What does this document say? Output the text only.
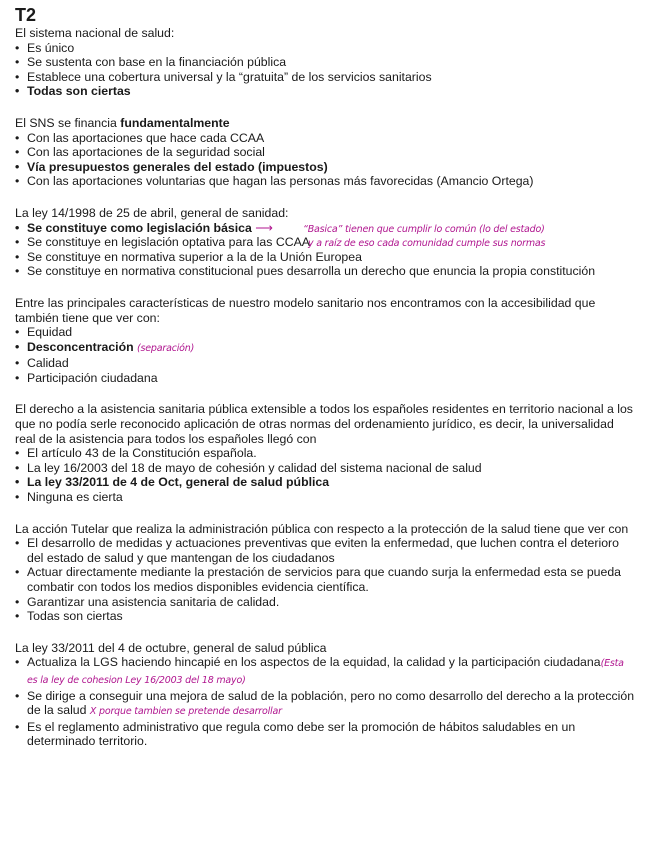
T2

El sistema nacional de salud:

• Es único
• Se sustenta con base en la financiación pública
• Establece una cobertura universal y la “gratuita” de los servicios sanitarios
• Todas son ciertas

El SNS se financia fundamentalmente

• Con las aportaciones que hace cada CCAA
• Con las aportaciones de la seguridad social
• Vía presupuestos generales del estado (impuestos)
• Con las aportaciones voluntarias que hagan las personas más favorecidas (Amancio Ortega)

La ley 14/1998 de 25 de abril, general de sanidad:

• Se constituye como legislación básica ⟶
• Se constituye en legislación optativa para las CCAA
• Se constituye en normativa superior a la de la Unión Europea
• Se constituye en normativa constitucional pues desarrolla un derecho que enuncia la propia constitución

Entre las principales características de nuestro modelo sanitario nos encontramos con la accesibilidad que también tiene que ver con:

• Equidad
• Desconcentración (separación)
• Calidad
• Participación ciudadana

El derecho a la asistencia sanitaria pública extensible a todos los españoles residentes en territorio nacional a los que no podía serle reconocido aplicación de otras normas del ordenamiento jurídico, es decir, la universalidad real de la asistencia para todos los españoles llegó con

• El artículo 43 de la Constitución española.
• La ley 16/2003 del 18 de mayo de cohesión y calidad del sistema nacional de salud
• La ley 33/2011 de 4 de Oct, general de salud pública
• Ninguna es cierta

La acción Tutelar que realiza la administración pública con respecto a la protección de la salud tiene que ver con

• El desarrollo de medidas y actuaciones preventivas que eviten la enfermedad, que luchen contra el deterioro del estado de salud y que mantengan de los ciudadanos
• Actuar directamente mediante la prestación de servicios para que cuando surja la enfermedad esta se pueda combatir con todos los medios disponibles evidencia científica.
• Garantizar una asistencia sanitaria de calidad.
• Todas son ciertas

La ley 33/2011 del 4 de octubre, general de salud pública

• Actualiza la LGS haciendo hincapié en los aspectos de la equidad, la calidad y la participación ciudadana(Esta es la ley de cohesion Ley 16/2003 del 18 mayo)
• Se dirige a conseguir una mejora de salud de la población, pero no como desarrollo del derecho a la protección de la salud X porque tambien se pretende desarrollar
• Es el reglamento administrativo que regula como debe ser la promoción de hábitos saludables en un determinado territorio.
“Basica” tienen que cumplir lo común (lo del estado)
y a raíz de eso cada comunidad cumple sus normas
